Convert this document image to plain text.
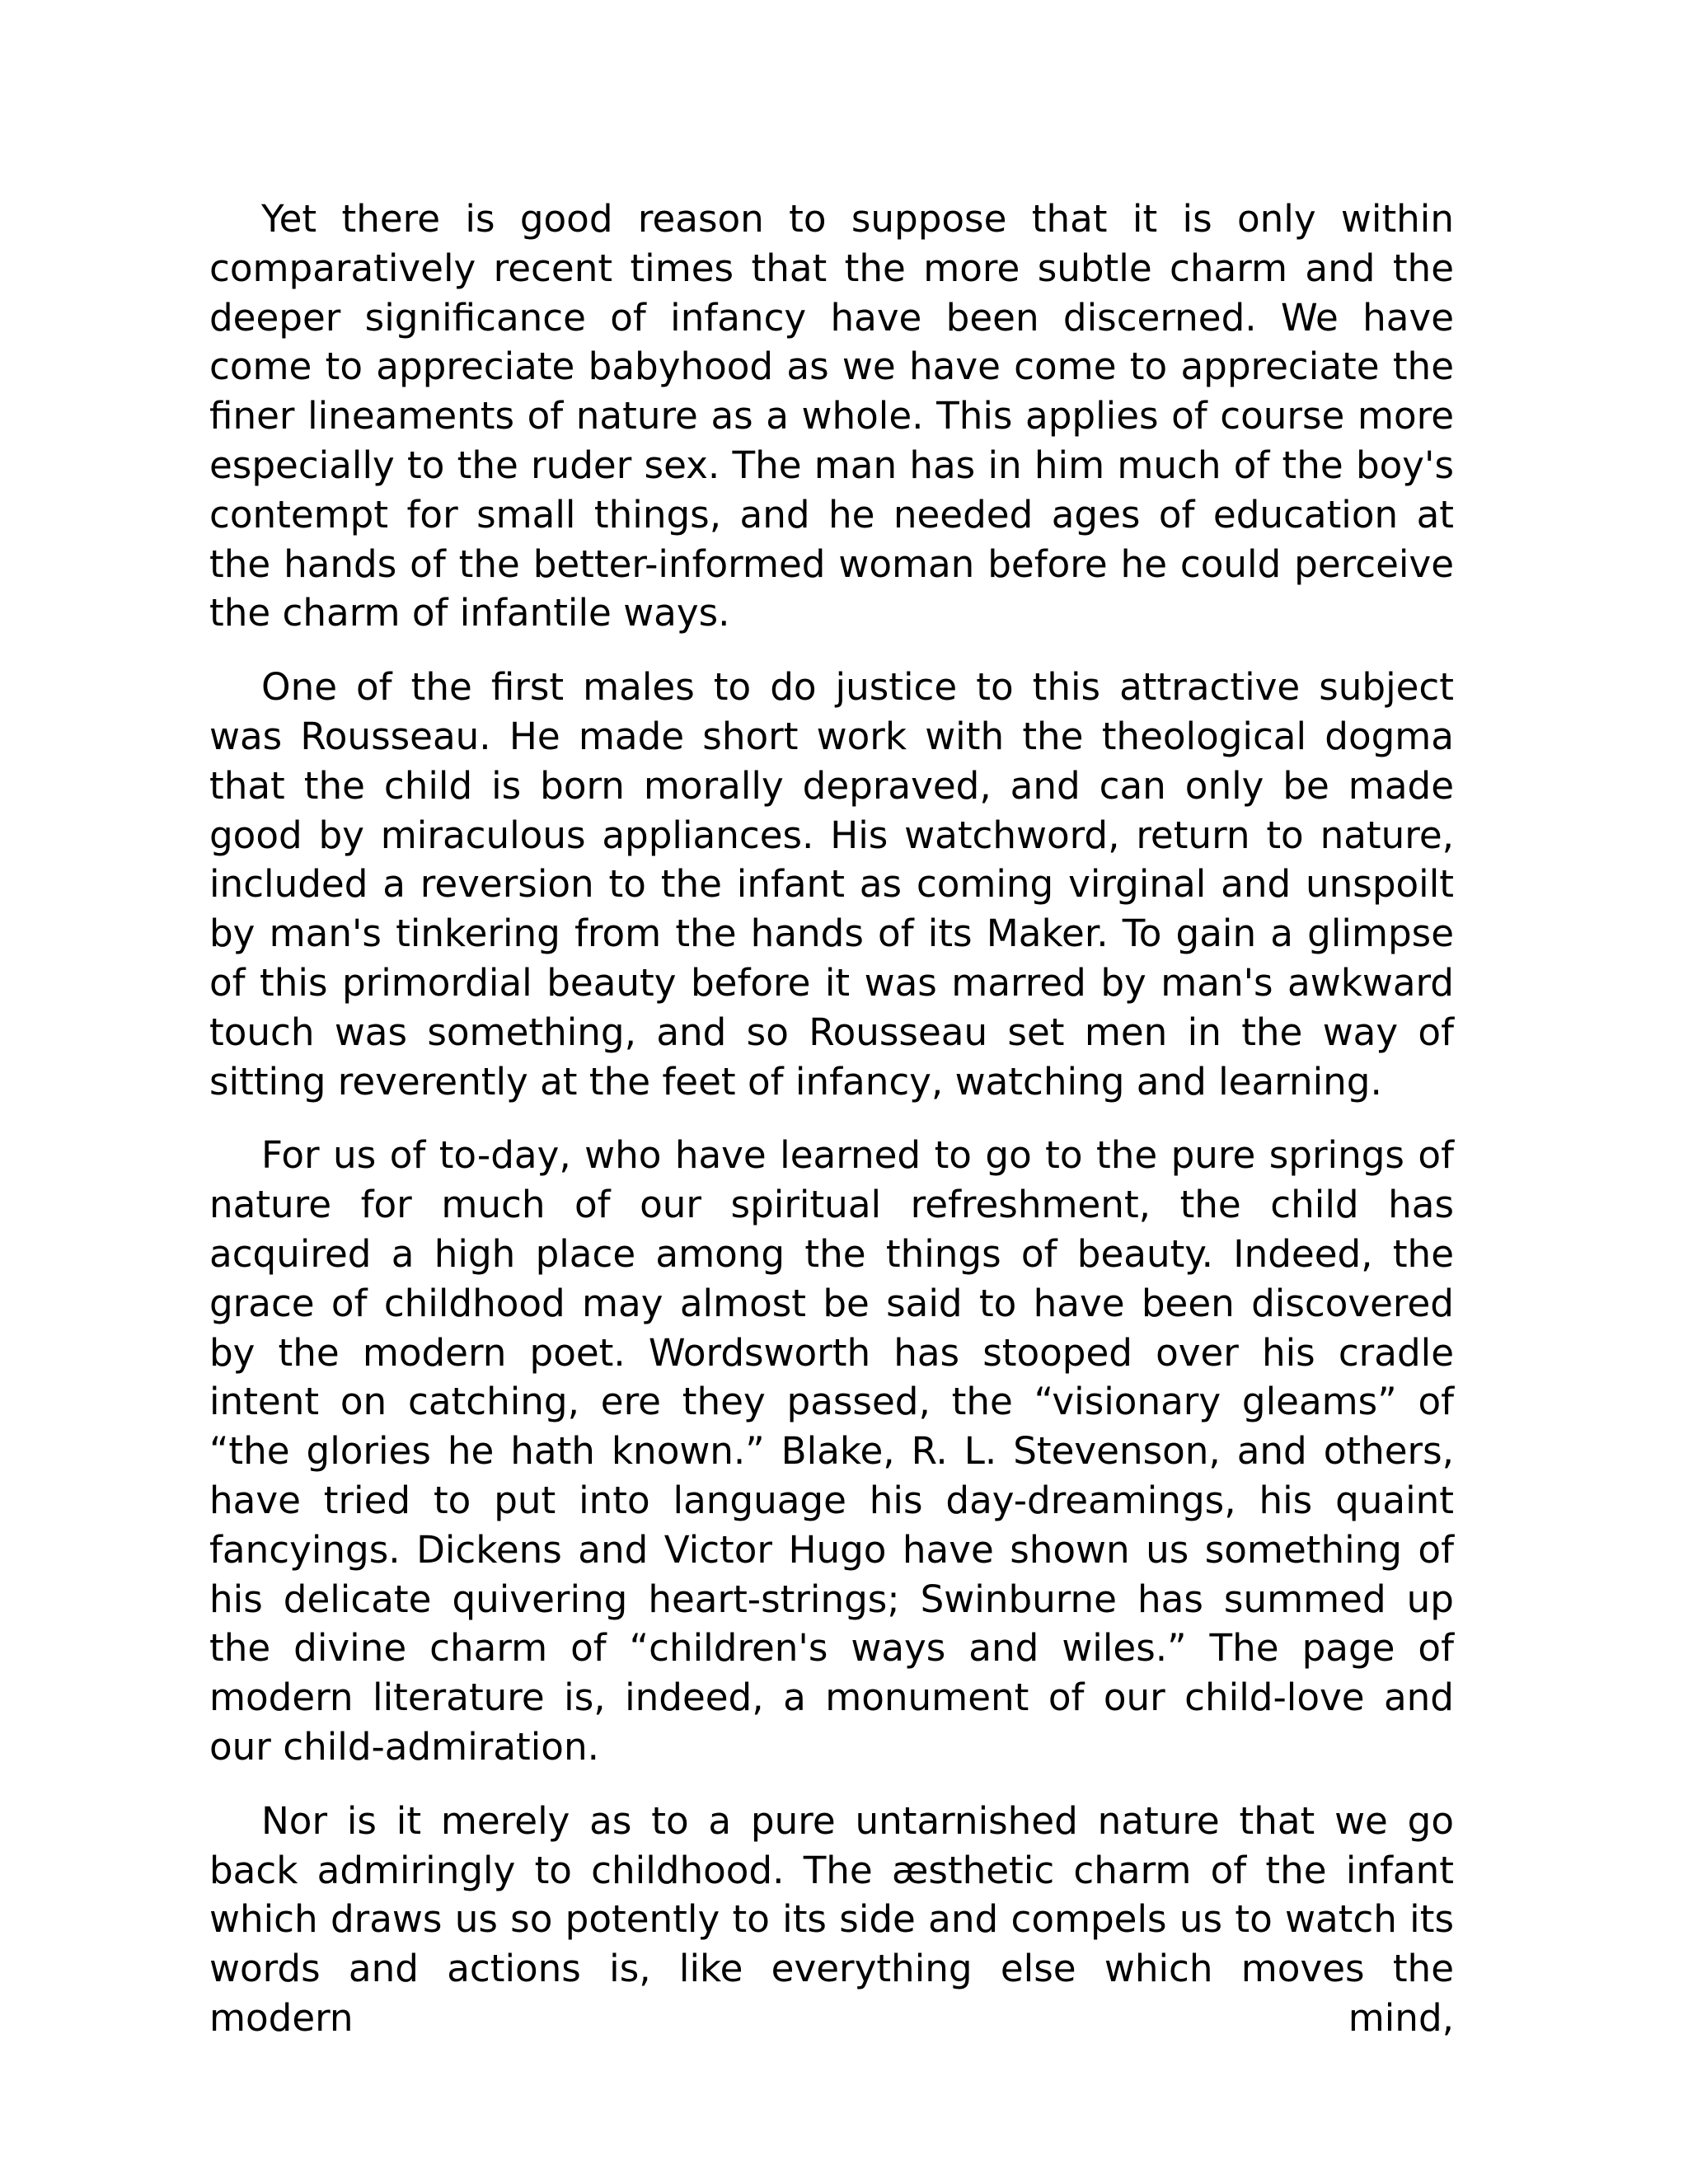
Yet there is good reason to suppose that it is only within comparatively recent times that the more subtle charm and the deeper significance of infancy have been discerned. We have come to appreciate babyhood as we have come to appreciate the finer lineaments of nature as a whole. This applies of course more especially to the ruder sex. The man has in him much of the boy's contempt for small things, and he needed ages of education at the hands of the better-informed woman before he could perceive the charm of infantile ways.

One of the first males to do justice to this attractive subject was Rousseau. He made short work with the theological dogma that the child is born morally depraved, and can only be made good by miraculous appliances. His watchword, return to nature, included a reversion to the infant as coming virginal and unspoilt by man's tinkering from the hands of its Maker. To gain a glimpse of this primordial beauty before it was marred by man's awkward touch was something, and so Rousseau set men in the way of sitting reverently at the feet of infancy, watching and learning.

For us of to-day, who have learned to go to the pure springs of nature for much of our spiritual refreshment, the child has acquired a high place among the things of beauty. Indeed, the grace of childhood may almost be said to have been discovered by the modern poet. Wordsworth has stooped over his cradle intent on catching, ere they passed, the “visionary gleams” of “the glories he hath known.” Blake, R. L. Stevenson, and others, have tried to put into language his day-dreamings, his quaint fancyings. Dickens and Victor Hugo have shown us something of his delicate quivering heart-strings; Swinburne has summed up the divine charm of “children's ways and wiles.” The page of modern literature is, indeed, a monument of our child-love and our child-admiration.

Nor is it merely as to a pure untarnished nature that we go back admiringly to childhood. The æsthetic charm of the infant which draws us so potently to its side and compels us to watch its words and actions is, like everything else which moves the modern mind,
